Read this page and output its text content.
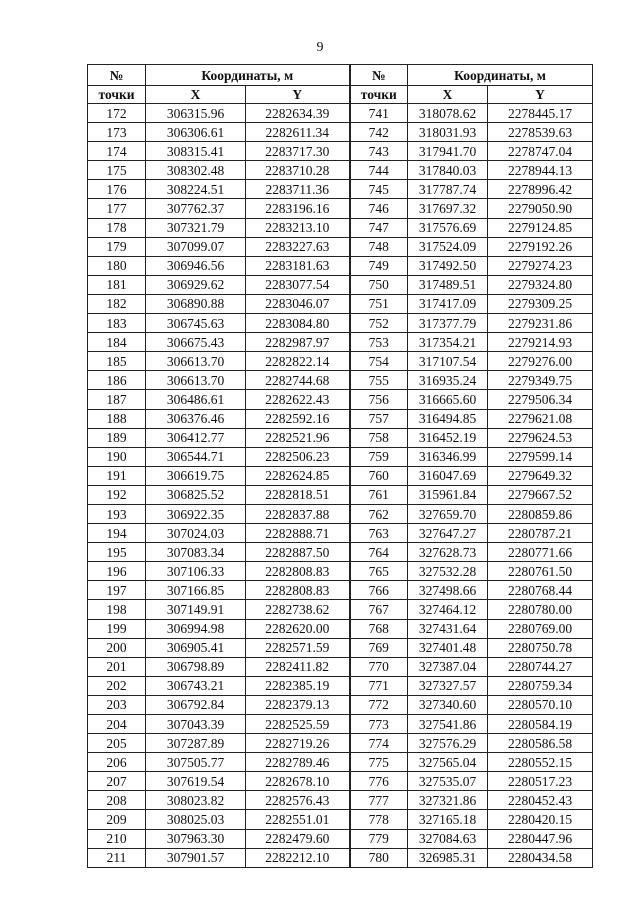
9
№	Координаты, м		№	Координаты, м	
точки	X	Y	точки	X	Y
172	306315.96	2282634.39	741	318078.62	2278445.17
173	306306.61	2282611.34	742	318031.93	2278539.63
174	308315.41	2283717.30	743	317941.70	2278747.04
175	308302.48	2283710.28	744	317840.03	2278944.13
176	308224.51	2283711.36	745	317787.74	2278996.42
177	307762.37	2283196.16	746	317697.32	2279050.90
178	307321.79	2283213.10	747	317576.69	2279124.85
179	307099.07	2283227.63	748	317524.09	2279192.26
180	306946.56	2283181.63	749	317492.50	2279274.23
181	306929.62	2283077.54	750	317489.51	2279324.80
182	306890.88	2283046.07	751	317417.09	2279309.25
183	306745.63	2283084.80	752	317377.79	2279231.86
184	306675.43	2282987.97	753	317354.21	2279214.93
185	306613.70	2282822.14	754	317107.54	2279276.00
186	306613.70	2282744.68	755	316935.24	2279349.75
187	306486.61	2282622.43	756	316665.60	2279506.34
188	306376.46	2282592.16	757	316494.85	2279621.08
189	306412.77	2282521.96	758	316452.19	2279624.53
190	306544.71	2282506.23	759	316346.99	2279599.14
191	306619.75	2282624.85	760	316047.69	2279649.32
192	306825.52	2282818.51	761	315961.84	2279667.52
193	306922.35	2282837.88	762	327659.70	2280859.86
194	307024.03	2282888.71	763	327647.27	2280787.21
195	307083.34	2282887.50	764	327628.73	2280771.66
196	307106.33	2282808.83	765	327532.28	2280761.50
197	307166.85	2282808.83	766	327498.66	2280768.44
198	307149.91	2282738.62	767	327464.12	2280780.00
199	306994.98	2282620.00	768	327431.64	2280769.00
200	306905.41	2282571.59	769	327401.48	2280750.78
201	306798.89	2282411.82	770	327387.04	2280744.27
202	306743.21	2282385.19	771	327327.57	2280759.34
203	306792.84	2282379.13	772	327340.60	2280570.10
204	307043.39	2282525.59	773	327541.86	2280584.19
205	307287.89	2282719.26	774	327576.29	2280586.58
206	307505.77	2282789.46	775	327565.04	2280552.15
207	307619.54	2282678.10	776	327535.07	2280517.23
208	308023.82	2282576.43	777	327321.86	2280452.43
209	308025.03	2282551.01	778	327165.18	2280420.15
210	307963.30	2282479.60	779	327084.63	2280447.96
211	307901.57	2282212.10	780	326985.31	2280434.58
